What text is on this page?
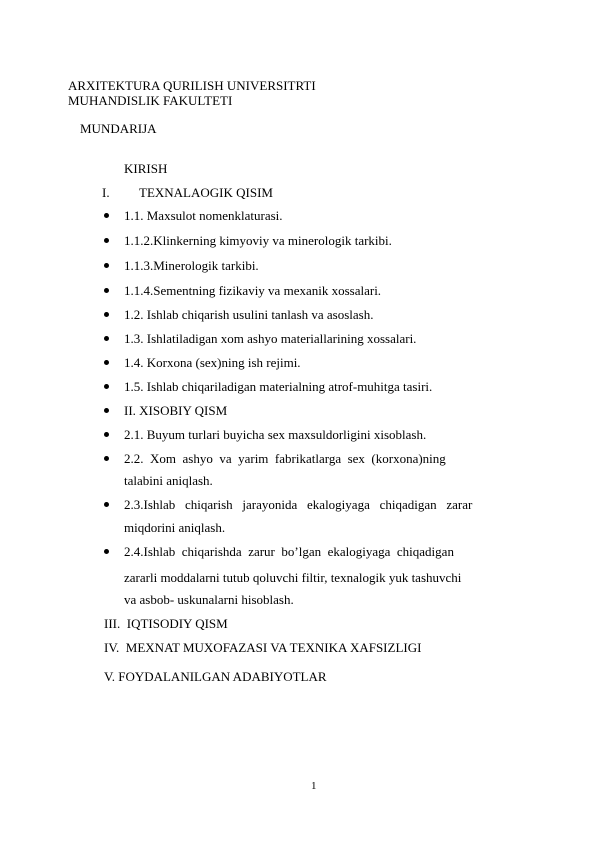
ARXITEKTURA QURILISH UNIVERSITRTI
MUHANDISLIK FAKULTETI
MUNDARIJA
KIRISH
I. TEXNALAOGIK QISIM
1.1. Maxsulot nomenklaturasi.
1.1.2.Klinkerning kimyoviy va minerologik tarkibi.
1.1.3.Minerologik tarkibi.
1.1.4.Sementning fizikaviy va mexanik xossalari.
1.2. Ishlab chiqarish usulini tanlash va asoslash.
1.3. Ishlatiladigan xom ashyo materiallarining xossalari.
1.4. Korxona (sex)ning ish rejimi.
1.5. Ishlab chiqariladigan materialning atrof-muhitga tasiri.
II. XISOBIY QISM
2.1. Buyum turlari buyicha sex maxsuldorligini xisoblash.
2.2.  Xom  ashyo  va  yarim  fabrikatlarga  sex  (korxona)ning
talabini aniqlash.
2.3.Ishlab   chiqarish   jarayonida   ekalogiyaga   chiqadigan   zarar
miqdorini aniqlash.
2.4.Ishlab  chiqarishda  zarur  bo’lgan  ekalogiyaga  chiqadigan
zararli moddalarni tutub qoluvchi filtir, texnalogik yuk tashuvchi
va asbob- uskunalarni hisoblash.
III.  IQTISODIY QISM
IV.  MEXNAT MUXOFAZASI VA TEXNIKA XAFSIZLIGI
V. FOYDALANILGAN ADABIYOTLAR
1
